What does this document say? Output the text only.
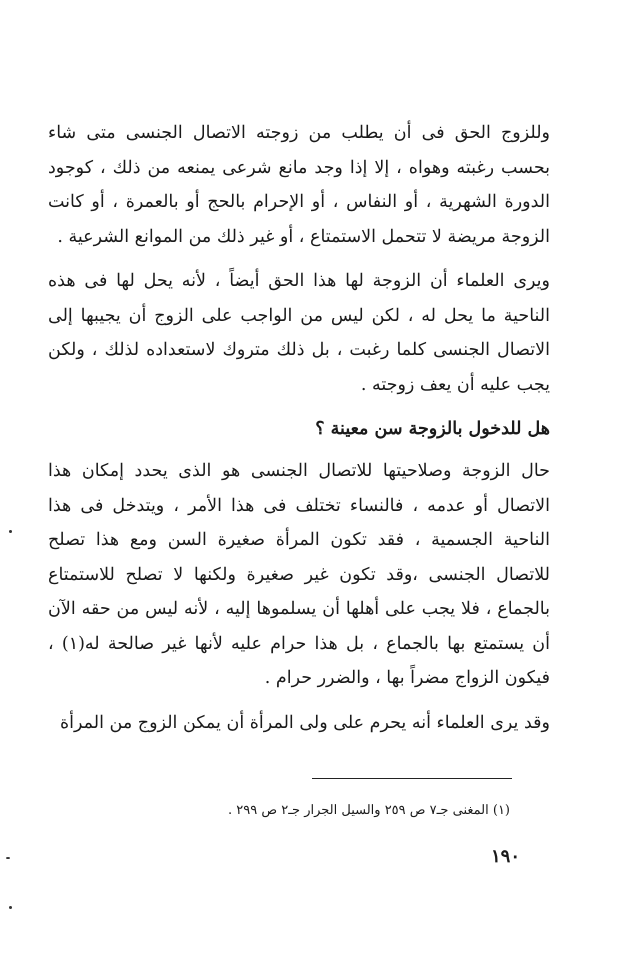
وللزوج الحق فى أن يطلب من زوجته الاتصال الجنسى متى شاء بحسب رغبته وهواه ، إلا إذا وجد مانع شرعى يمنعه من ذلك ، كوجود الدورة الشهرية ، أو النفاس ، أو الإحرام بالحج أو بالعمرة ، أو كانت الزوجة مريضة لا تتحمل الاستمتاع ، أو غير ذلك من الموانع الشرعية .

ويرى العلماء أن الزوجة لها هذا الحق أيضاً ، لأنه يحل لها فى هذه الناحية ما يحل له ، لكن ليس من الواجب على الزوج أن يجيبها إلى الاتصال الجنسى كلما رغبت ، بل ذلك متروك لاستعداده لذلك ، ولكن يجب عليه أن يعف زوجته .

هل للدخول بالزوجة سن معينة ؟

حال الزوجة وصلاحيتها للاتصال الجنسى هو الذى يحدد إمكان هذا الاتصال أو عدمه ، فالنساء تختلف فى هذا الأمر ، ويتدخل فى هذا الناحية الجسمية ، فقد تكون المرأة صغيرة السن ومع هذا تصلح للاتصال الجنسى ،وقد تكون غير صغيرة ولكنها لا تصلح للاستمتاع بالجماع ، فلا يجب على أهلها أن يسلموها إليه ، لأنه ليس من حقه الآن أن يستمتع بها بالجماع ، بل هذا حرام عليه لأنها غير صالحة له(١) ، فيكون الزواج مضراً بها ، والضرر حرام .

وقد يرى العلماء أنه يحرم على ولى المرأة أن يمكن الزوج من المرأة

(١) المغنى جـ٧ ص ٢٥٩ والسيل الجرار جـ٢ ص ٢٩٩ .
١٩٠
